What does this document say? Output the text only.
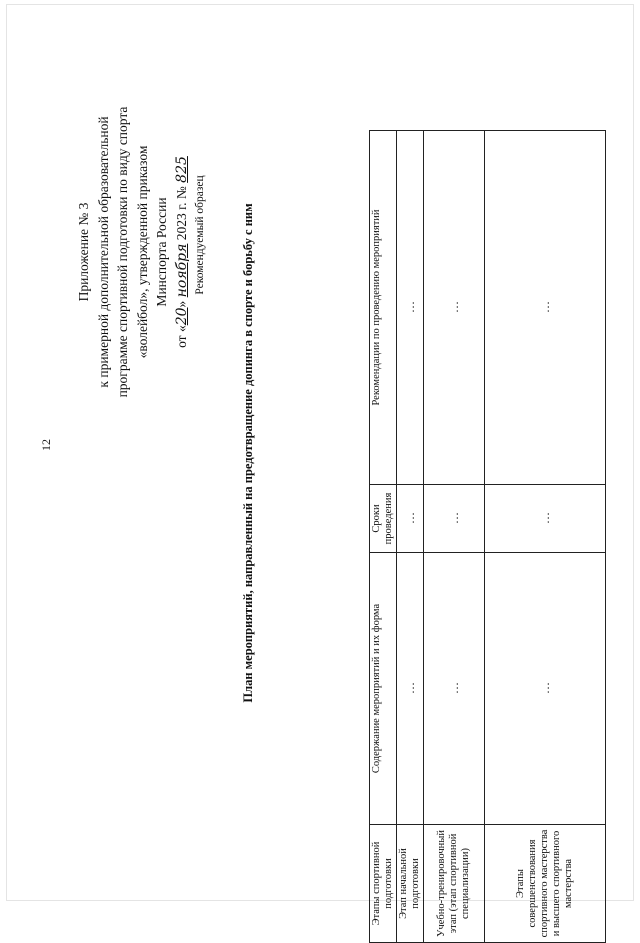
12
Приложение № 3 к примерной дополнительной образовательной программе спортивной подготовки по виду спорта «волейбол», утвержденной приказом Минспорта России
от «20» ноября 2023 г. № 825
Рекомендуемый образец	План мероприятий, направленный на предотвращение допинга в спорте и борьбу с ним
Этапы спортивной подготовки	Содержание мероприятий и их форма	Сроки проведения	Рекомендации по проведению мероприятий
Этап начальной подготовки	…	…	…
Учебно-тренировочный этап (этап спортивной специализации)	…	…	…
Этапы совершенствования спортивного мастерства и высшего спортивного мастерства	…	…	…
